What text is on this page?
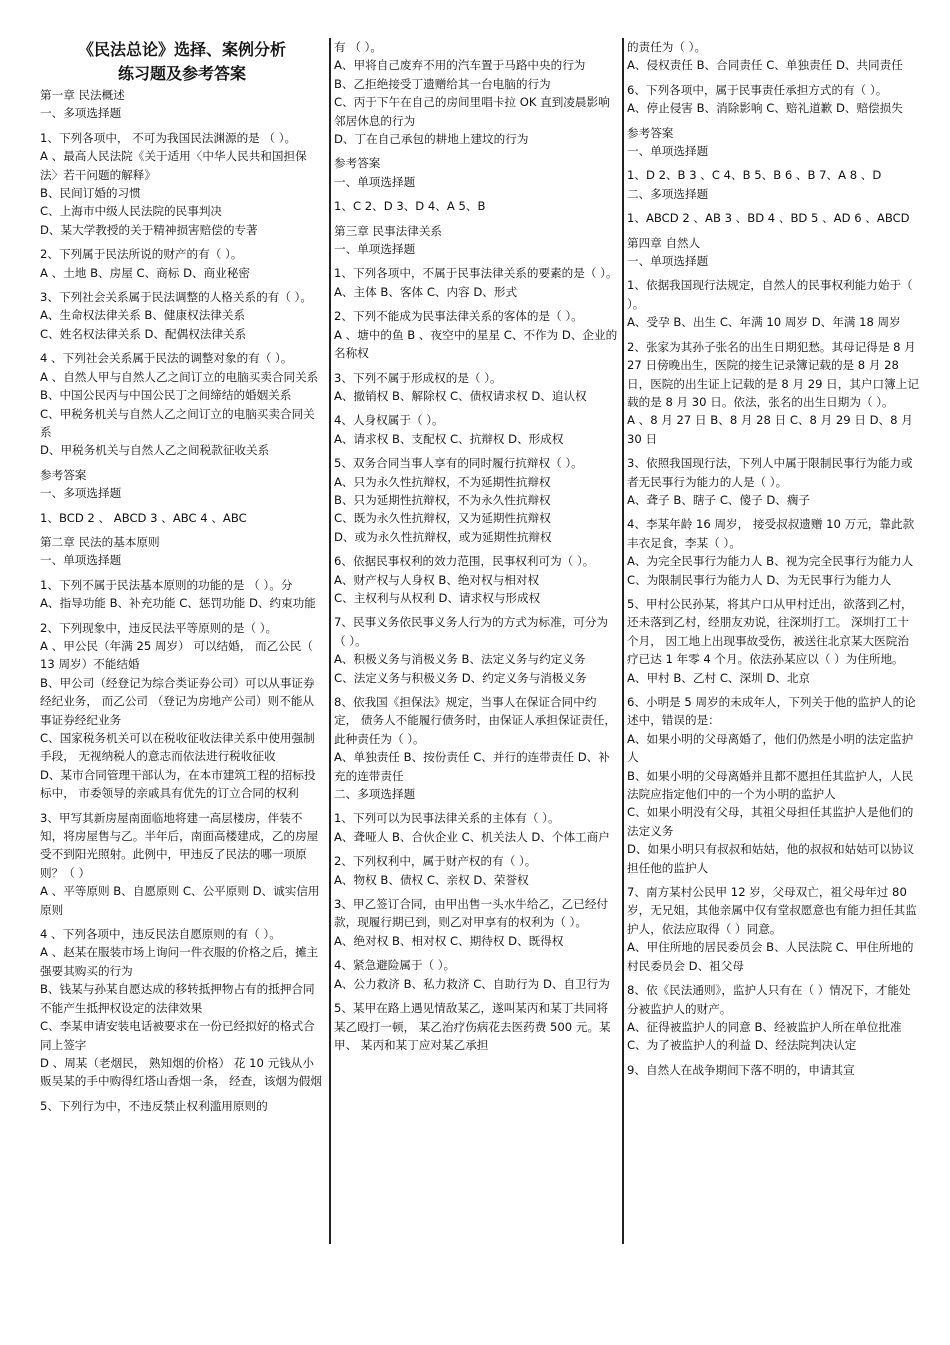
《民法总论》选择、案例分析
练习题及参考答案

第一章 民法概述

一、多项选择题

1、下列各项中， 不可为我国民法渊源的是 （ ）。

A 、最高人民法院《关于适用〈中华人民共和国担保法〉若干问题的解释》

B、民间订婚的习惯

C、上海市中级人民法院的民事判决

D、某大学教授的关于精神损害赔偿的专著

2、下列属于民法所说的财产的有（ ）。

A 、土地 B、房屋 C、商标 D、商业秘密

3、下列社会关系属于民法调整的人格关系的有（ ）。

A、生命权法律关系 B、健康权法律关系

C、姓名权法律关系 D、配偶权法律关系

4 、下列社会关系属于民法的调整对象的有（ ）。

A 、自然人甲与自然人乙之间订立的电脑买卖合同关系

B、中国公民丙与中国公民丁之间缔结的婚姻关系

C、甲税务机关与自然人乙之间订立的电脑买卖合同关系

D、甲税务机关与自然人乙之间税款征收关系

参考答案

一、多项选择题

1、BCD 2 、 ABCD 3 、ABC 4 、ABC

第二章 民法的基本原则

一、单项选择题

1、下列不属于民法基本原则的功能的是 （ ）。分

A、指导功能 B、补充功能 C、惩罚功能 D、约束功能

2、下列现象中，违反民法平等原则的是（ ）。

A 、甲公民（年满 25 周岁） 可以结婚， 而乙公民（ 13 周岁）不能结婚

B、甲公司（经登记为综合类证券公司）可以从事证券经纪业务， 而乙公司 （登记为房地产公司）则不能从事证券经纪业务

C、国家税务机关可以在税收征收法律关系中使用强制手段， 无视纳税人的意志而依法进行税收征收

D、某市合同管理干部认为，在本市建筑工程的招标投标中， 市委领导的亲戚具有优先的订立合同的权利

3、甲写其新房屋南面临地将建一高层楼房，伴装不知，将房屋售与乙。半年后，南面高楼建成，乙的房屋受不到阳光照射。此例中，甲违反了民法的哪一项原则？（ ）

A 、平等原则 B、自愿原则 C、公平原则 D、诚实信用原则

4 、下列各项中，违反民法自愿原则的有（ ）。

A 、赵某在服装市场上询问一件衣服的价格之后，摊主强要其购买的行为

B、钱某与孙某自愿达成的移转抵押物占有的抵押合同不能产生抵押权设定的法律效果

C、李某申请安装电话被要求在一份已经拟好的格式合同上签字

D 、周某（老烟民， 熟知烟的价格） 花 10 元钱从小贩吴某的手中购得红塔山香烟一条， 经查，该烟为假烟

5、下列行为中，不违反禁止权利滥用原则的

有 （ ）。

A、甲将自己废弃不用的汽车置于马路中央的行为

B、乙拒绝接受丁遗赠给其一台电脑的行为

C、丙于下午在自己的房间里唱卡拉 OK 直到凌晨影响邻居休息的行为

D、丁在自己承包的耕地上建坟的行为

参考答案

一、单项选择题

1、C 2、D 3、D 4、A 5、B

第三章 民事法律关系

一、单项选择题

1、下列各项中，不属于民事法律关系的要素的是（ ）。

A、主体 B、客体 C、内容 D、形式

2、下列不能成为民事法律关系的客体的是（ ）。

A 、塘中的鱼 B 、夜空中的星星 C、不作为 D、企业的名称权

3、下列不属于形成权的是（ ）。

A、撤销权 B、解除权 C、债权请求权 D、追认权

4、人身权属于（ ）。

A、请求权 B、支配权 C、抗辩权 D、形成权

5、双务合同当事人享有的同时履行抗辩权（ ）。

A、只为永久性抗辩权，不为延期性抗辩权

B、只为延期性抗辩权，不为永久性抗辩权

C、既为永久性抗辩权，又为延期性抗辩权

D、或为永久性抗辩权，或为延期性抗辩权

6、依据民事权利的效力范围，民事权利可为（ ）。

A、财产权与人身权 B、绝对权与相对权

C、主权利与从权利 D、请求权与形成权

7、民事义务依民事义务人行为的方式为标准，可分为（ ）。

A、积极义务与消极义务 B、法定义务与约定义务

C、法定义务与积极义务 D、约定义务与消极义务

8、依我国《担保法》规定，当事人在保证合同中约定， 债务人不能履行债务时，由保证人承担保证责任，此种责任为（ ）。

A、单独责任 B、按份责任 C、并行的连带责任 D、补充的连带责任

二、多项选择题

1、下列可以为民事法律关系的主体有（ ）。

A、聋哑人 B、合伙企业 C、机关法人 D、个体工商户

2、下列权利中，属于财产权的有（ ）。

A、物权 B、债权 C、亲权 D、荣誉权

3、甲乙签订合同，由甲出售一头水牛给乙，乙已经付款，现履行期已到，则乙对甲享有的权利为（ ）。

A、绝对权 B、相对权 C、期待权 D、既得权

4、紧急避险属于（ ）。

A、公力救济 B、私力救济 C、自助行为 D、自卫行为

5、某甲在路上遇见情敌某乙，遂叫某丙和某丁共同将某乙殴打一顿， 某乙治疗伤病花去医药费 500 元。某甲、 某丙和某丁应对某乙承担

的责任为（ ）。

A、侵权责任 B、合同责任 C、单独责任 D、共同责任

6、下列各项中，属于民事责任承担方式的有（ ）。

A、停止侵害 B、消除影响 C、赔礼道歉 D、赔偿损失

参考答案

一、单项选择题

1、D 2、B 3 、C 4、B 5、B 6 、B 7、A 8 、D

二、多项选择题

1、ABCD 2 、AB 3 、BD 4 、BD 5 、AD 6 、ABCD

第四章 自然人

一、单项选择题

1、依据我国现行法规定，自然人的民事权利能力始于（ ）。

A、受孕 B、出生 C、年满 10 周岁 D、年满 18 周岁

2、张家为其孙子张名的出生日期犯愁。其母记得是 8 月 27 日傍晚出生，医院的接生记录簿记载的是 8 月 28 日，医院的出生证上记载的是 8 月 29 日，其户口簿上记载的是 8 月 30 日。依法，张名的出生日期为（ ）。

A 、8 月 27 日 B、8 月 28 日 C、8 月 29 日 D、8 月 30 日

3、依照我国现行法，下列人中属于限制民事行为能力或者无民事行为能力的人是（ ）。

A、聋子 B、瞎子 C、傻子 D、瘸子

4、李某年龄 16 周岁， 接受叔叔遗赠 10 万元，靠此款丰衣足食，李某（ ）。

A、为完全民事行为能力人 B、视为完全民事行为能力人

C、为限制民事行为能力人 D、为无民事行为能力人

5、甲村公民孙某，将其户口从甲村迁出，欲落到乙村，还未落到乙村，经朋友劝说，往深圳打工。 深圳打工十个月， 因工地上出现事故受伤，被送往北京某大医院治疗已达 1 年零 4 个月。依法孙某应以（ ）为住所地。

A、甲村 B、乙村 C、深圳 D、北京

6、小明是 5 周岁的未成年人，下列关于他的监护人的论述中，错误的是：

A、如果小明的父母离婚了，他们仍然是小明的法定监护人

B、如果小明的父母离婚并且都不愿担任其监护人，人民法院应指定他们中的一个为小明的监护人

C、如果小明没有父母，其祖父母担任其监护人是他们的法定义务

D、如果小明只有叔叔和姑姑，他的叔叔和姑姑可以协议担任他的监护人

7、南方某村公民甲 12 岁，父母双亡，祖父母年过 80 岁，无兄姐，其他亲属中仅有堂叔愿意也有能力担任其监护人，依法应取得（ ）同意。

A、甲住所地的居民委员会 B、人民法院 C、甲住所地的村民委员会 D、祖父母

8、依《民法通则》，监护人只有在（ ）情况下，才能处分被监护人的财产。

A、征得被监护人的同意 B、经被监护人所在单位批准

C、为了被监护人的利益 D、经法院判决认定

9、自然人在战争期间下落不明的，申请其宣
